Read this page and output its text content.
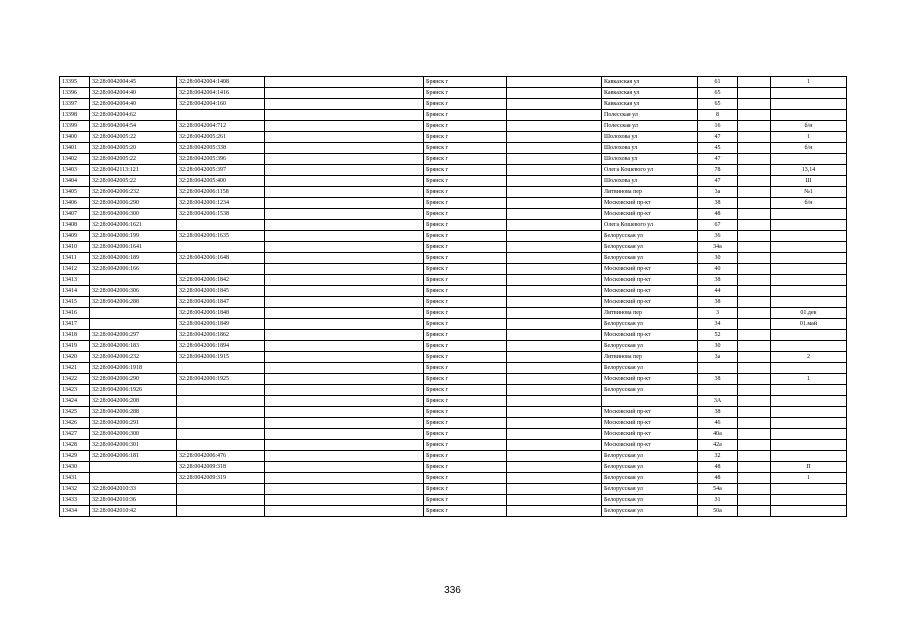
13395	32:28:0042004:45	32:28:0042004:1408		Брянск г		Кавказская ул	61		1
13396	32:28:0042004:40	32:28:0042004:1416		Брянск г		Кавказская ул	65		
13397	32:28:0042004:40	32:28:0042004:160		Брянск г		Кавказская ул	65		
13398	32:28:0042004:62			Брянск г		Полесская ул	8		
13399	32:28:0042004:54	32:28:0042004:712		Брянск г		Полесская ул	16		б/н
13400	32:28:0042005:22	32:28:0042005:261		Брянск г		Шолохова ул	47		1
13401	32:28:0042005:20	32:28:0042005:338		Брянск г		Шолохова ул	45		б/н
13402	32:28:0042005:22	32:28:0042005:396		Брянск г		Шолохова ул	47		
13403	32:28:0042113:121	32:28:0042005:397		Брянск г		Олега Кошевого ул	78		13,14
13404	32:28:0042005:22	32:28:0042005:400		Брянск г		Шолохова ул	47		Ш
13405	32:28:0042006:232	32:28:0042006:1158		Брянск г		Литвинова пер	3а		№1
13406	32:28:0042006:290	32:28:0042006:1234		Брянск г		Московский пр-кт	38		б/н
13407	32:28:0042006:300	32:28:0042006:1538		Брянск г		Московский пр-кт	48		
13408	32:28:0042006:1621			Брянск г		Олега Кошевого ул	67		
13409	32:28:0042006:199	32:28:0042006:1635		Брянск г		Белорусская ул	36		
13410	32:28:0042006:1641			Брянск г		Белорусская ул	34а		
13411	32:28:0042006:189	32:28:0042006:1648		Брянск г		Белорусская ул	30		
13412	32:28:0042006:166			Брянск г		Московский пр-кт	40		
13413		32:28:0042006:1842		Брянск г		Московский пр-кт	38		
13414	32:28:0042006:306	32:28:0042006:1845		Брянск г		Московский пр-кт	44		
13415	32:28:0042006:288	32:28:0042006:1847		Брянск г		Московский пр-кт	38		
13416		32:28:0042006:1848		Брянск г		Литвинова пер	3		01.дек
13417		32:28:0042006:1849		Брянск г		Белорусская ул	34		01.май
13418	32:28:0042006:297	32:28:0042006:1862		Брянск г		Московский пр-кт	52		
13419	32:28:0042006:183	32:28:0042006:1894		Брянск г		Белорусская ул	30		
13420	32:28:0042006:232	32:28:0042006:1915		Брянск г		Литвинова пер	3а		2
13421	32:28:0042006:1918			Брянск г		Белорусская ул			
13422	32:28:0042006:290	32:28:0042006:1925		Брянск г		Московский пр-кт	38		1
13423	32:28:0042006:1926			Брянск г		Белорусская ул			
13424	32:28:0042006:208			Брянск г			3А		
13425	32:28:0042006:288			Брянск г		Московский пр-кт	38		
13426	32:28:0042006:291			Брянск г		Московский пр-кт	46		
13427	32:28:0042006:300			Брянск г		Московский пр-кт	40а		
13428	32:28:0042006:301			Брянск г		Московский пр-кт	42а		
13429	32:28:0042006:181	32:28:0042006:476		Брянск г		Белорусская ул	32		
13430		32:28:0042009:318		Брянск г		Белорусская ул	48		П
13431		32:28:0042009:319		Брянск г		Белорусская ул	48		1
13432	32:28:0042010:33			Брянск г		Белорусская ул	54а		
13433	32:28:0042010:36			Брянск г		Белорусская ул	31		
13434	32:28:0042010:42			Брянск г		Белорусская ул	50а		
336
